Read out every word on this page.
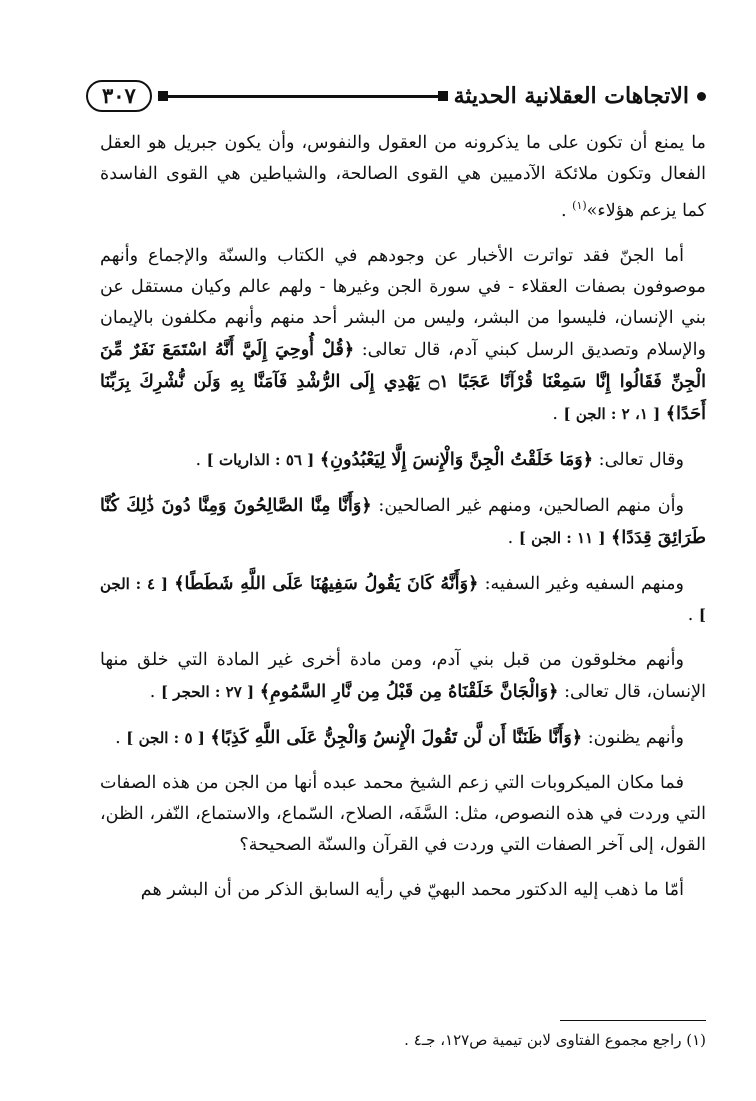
الاتجاهات العقلانية الحديثة
٣٠٧

ما يمنع أن تكون على ما يذكرونه من العقول والنفوس، وأن يكون جبريل هو العقل الفعال وتكون ملائكة الآدميين هي القوى الصالحة، والشياطين هي القوى الفاسدة كما يزعم هؤلاء»$^{(١)}$ .

أما الجنّ فقد تواترت الأخبار عن وجودهم في الكتاب والسنّة والإجماع وأنهم موصوفون بصفات العقلاء - في سورة الجن وغيرها - ولهم عالم وكيان مستقل عن بني الإنسان، فليسوا من البشر، وليس من البشر أحد منهم وأنهم مكلفون بالإيمان والإسلام وتصديق الرسل كبني آدم، قال تعالى: ﴿قُلْ أُوحِيَ إِلَيَّ أَنَّهُ اسْتَمَعَ نَفَرٌ مِّنَ الْجِنِّ فَقَالُوا إِنَّا سَمِعْنَا قُرْآنًا عَجَبًا ۝١ يَهْدِي إِلَى الرُّشْدِ فَآمَنَّا بِهِ وَلَن نُّشْرِكَ بِرَبِّنَا أَحَدًا﴾ [ ١، ٢ : الجن ] .

وقال تعالى: ﴿وَمَا خَلَقْتُ الْجِنَّ وَالْإِنسَ إِلَّا لِيَعْبُدُونِ﴾ [ ٥٦ : الذاريات ] .

وأن منهم الصالحين، ومنهم غير الصالحين: ﴿وَأَنَّا مِنَّا الصَّالِحُونَ وَمِنَّا دُونَ ذَٰلِكَ كُنَّا طَرَائِقَ قِدَدًا﴾ [ ١١ : الجن ] .

ومنهم السفيه وغير السفيه: ﴿وَأَنَّهُ كَانَ يَقُولُ سَفِيهُنَا عَلَى اللَّهِ شَطَطًا﴾ [ ٤ : الجن ] .

وأنهم مخلوقون من قبل بني آدم، ومن مادة أخرى غير المادة التي خلق منها الإنسان، قال تعالى: ﴿وَالْجَانَّ خَلَقْنَاهُ مِن قَبْلُ مِن نَّارِ السَّمُومِ﴾ [ ٢٧ : الحجر ] .

وأنهم يظنون: ﴿وَأَنَّا ظَنَنَّا أَن لَّن تَقُولَ الْإِنسُ وَالْجِنُّ عَلَى اللَّهِ كَذِبًا﴾ [ ٥ : الجن ] .

فما مكان الميكروبات التي زعم الشيخ محمد عبده أنها من الجن من هذه الصفات التي وردت في هذه النصوص، مثل: السَّفَه، الصلاح، السّماع، والاستماع، النّفر، الظن، القول، إلى آخر الصفات التي وردت في القرآن والسنّة الصحيحة؟

أمّا ما ذهب إليه الدكتور محمد البهيّ في رأيه السابق الذكر من أن البشر هم

(١) راجع مجموع الفتاوى لابن تيمية ص١٢٧، جـ٤ .
